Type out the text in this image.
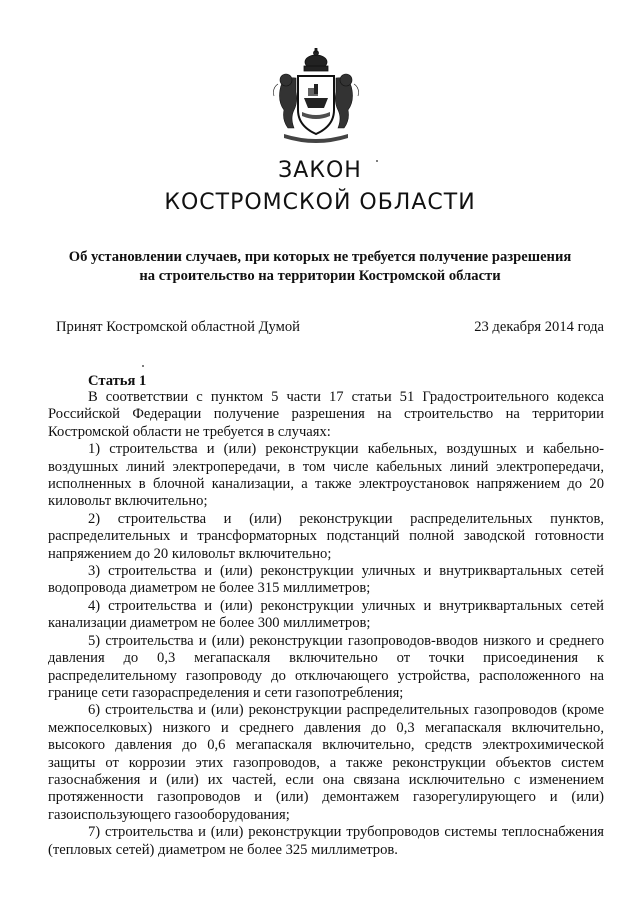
ЗАКОН
КОСТРОМСКОЙ ОБЛАСТИ
Об установлении случаев, при которых не требуется получение разрешения
на строительство на территории Костромской области
Принят Костромской областной Думой	23 декабря 2014 года
Статья 1

В соответствии с пунктом 5 части 17 статьи 51 Градостроительного кодекса Российской Федерации получение разрешения на строительство на территории Костромской области не требуется в случаях:

1) строительства и (или) реконструкции кабельных, воздушных и кабельно-воздушных линий электропередачи, в том числе кабельных линий электропередачи, исполненных в блочной канализации, а также электроустановок напряжением до 20 киловольт включительно;

2) строительства и (или) реконструкции распределительных пунктов, распределительных и трансформаторных подстанций полной заводской готовности напряжением до 20 киловольт включительно;

3) строительства и (или) реконструкции уличных и внутриквартальных сетей водопровода диаметром не более 315 миллиметров;

4) строительства и (или) реконструкции уличных и внутриквартальных сетей канализации диаметром не более 300 миллиметров;

5) строительства и (или) реконструкции газопроводов-вводов низкого и среднего давления до 0,3 мегапаскаля включительно от точки присоединения к распределительному газопроводу до отключающего устройства, расположенного на границе сети газораспределения и сети газопотребления;

6) строительства и (или) реконструкции распределительных газопроводов (кроме межпоселковых) низкого и среднего давления до 0,3 мегапаскаля включительно, высокого давления до 0,6 мегапаскаля включительно, средств электрохимической защиты от коррозии этих газопроводов, а также реконструкции объектов систем газоснабжения и (или) их частей, если она связана исключительно с изменением протяженности газопроводов и (или) демонтажем газорегулирующего и (или) газоиспользующего газооборудования;

7) строительства и (или) реконструкции трубопроводов системы теплоснабжения (тепловых сетей) диаметром не более 325 миллиметров.
